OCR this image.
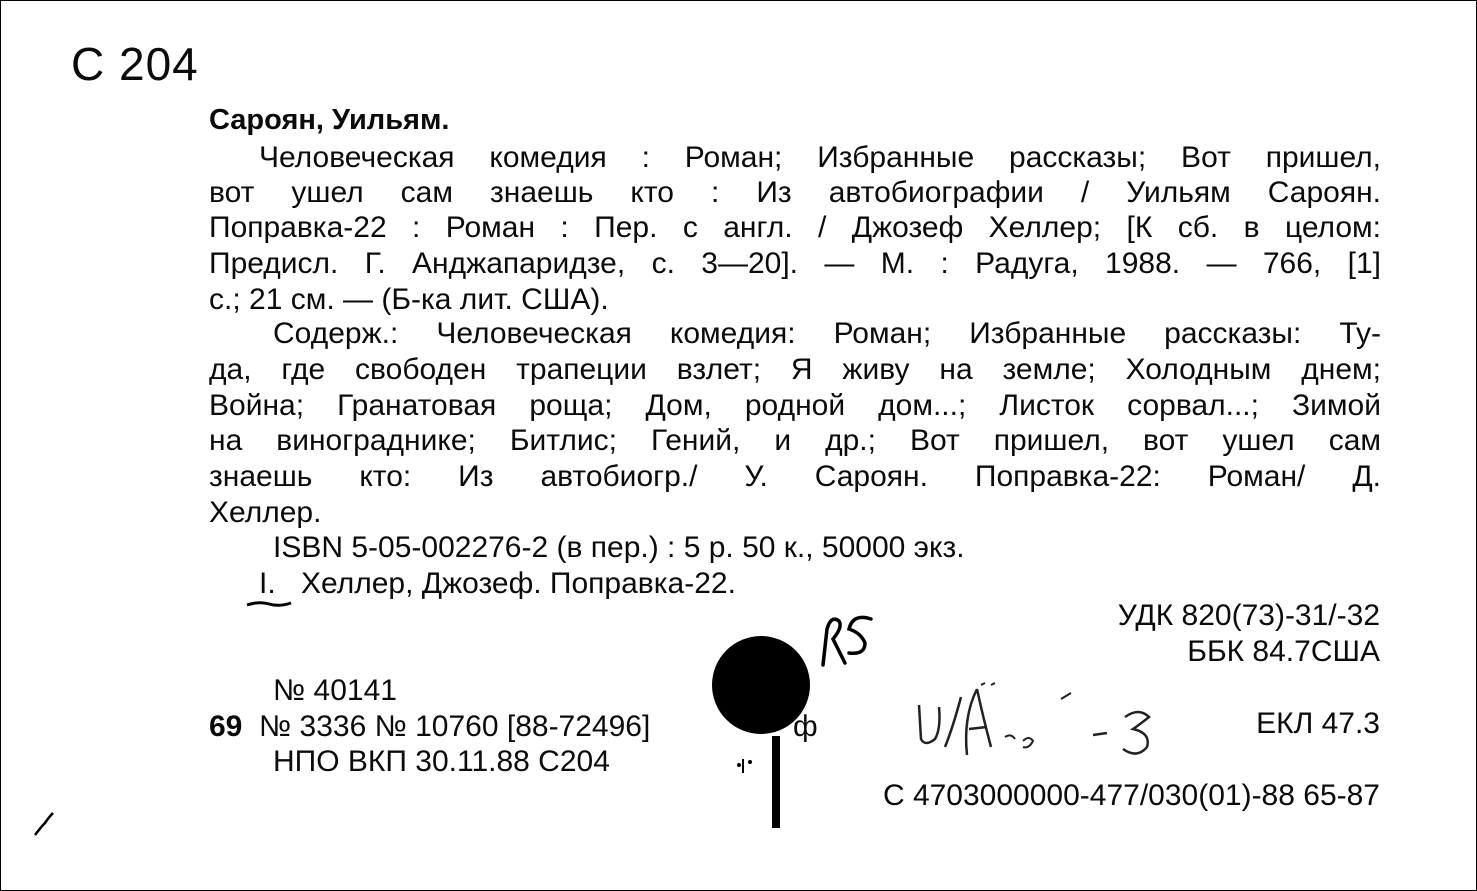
С 204
Сароян, Уильям.
Человеческая комедия : Роман; Избранные рассказы; Вот пришел,
вот ушел сам знаешь кто : Из автобиографии / Уильям Сароян.
Поправка-22 : Роман : Пер. с англ. / Джозеф Хеллер; [К сб. в целом:
Предисл. Г. Анджапаридзе, с. 3—20]. — М. : Радуга, 1988. — 766, [1]
с.; 21 см. — (Б-ка лит. США).
Содерж.: Человеческая комедия: Роман; Избранные рассказы: Ту-
да, где свободен трапеции взлет; Я живу на земле; Холодным днем;
Война; Гранатовая роща; Дом, родной дом...; Листок сорвал...; Зимой
на винограднике; Битлис; Гений, и др.; Вот пришел, вот ушел сам
знаешь кто: Из автобиогр./ У. Сароян. Поправка-22: Роман/ Д.
Хеллер.
ISBN 5-05-002276-2 (в пер.) : 5 р. 50 к., 50000 экз.
I. Хеллер, Джозеф. Поправка-22.
УДК 820(73)-31/-32
ББК 84.7США
ЕКЛ 47.3
№ 40141
69 № 3336 № 10760 [88-72496]	ф
НПО ВКП 30.11.88 С204
С 4703000000-477/030(01)-88 65-87
